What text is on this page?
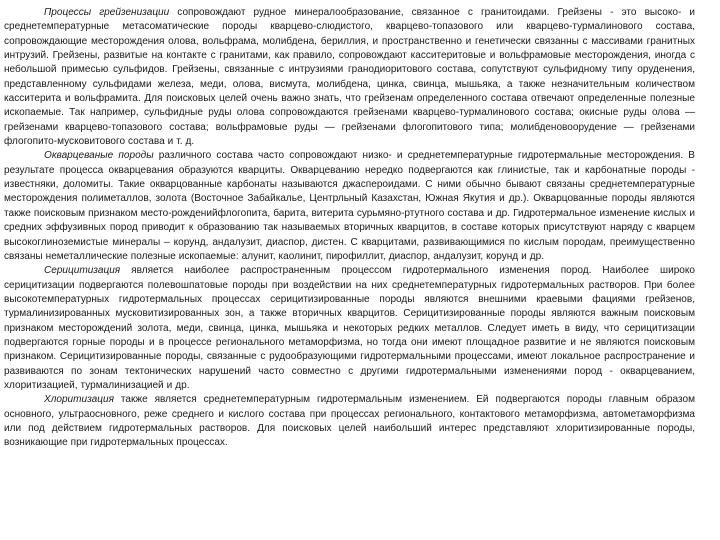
Процессы грейзенизации сопровождают рудное минералообразование, связанное с гранитоидами. Грейзены - это высоко- и среднетемпературные метасоматические породы кварцево-слюдистого, кварцево-топазового или кварцево-турмалинового состава, сопровождающие месторождения олова, вольфрама, молибдена, бериллия, и пространственно и генетически связанны с массивами гранитных интрузий. Грейзены, развитые на контакте с гранитами, как правило, сопровождают касситеритовые и вольфрамовые месторождения, иногда с небольшой примесью сульфидов. Грейзены, связанные с интрузиями гранодиоритового состава, сопутствуют сульфидному типу оруденения, представленному сульфидами железа, меди, олова, висмута, молибдена, цинка, свинца, мышьяка, а также незначительным количеством касситерита и вольфрамита. Для поисковых целей очень важно знать, что грейзенам определенного состава отвечают определенные полезные ископаемые. Так например, сульфидные руды олова сопровождаются грейзенами кварцево-турмалинового состава; окисные руды олова — грейзенами кварцево-топазового состава; вольфрамовые руды — грейзенами флогопитового типа; молибденовоорудение — грейзенами флогопито-мусковитового состава и т. д.

Окварцеваные породы различного состава часто сопровождают низко- и среднетемпературные гидротермальные месторождения. В результате процесса окварцевания образуются кварциты. Окварцеванию нередко подвергаются как глинистые, так и карбонатные породы - известняки, доломиты. Такие окварцованные карбонаты называются джаспероидами. С ними обычно бывают связаны среднетемпературные месторождения полиметаллов, золота (Восточное Забайкалье, Центрльный Казахстан, Южная Якутия и др.). Окварцованные породы являются также поисковым признаком место-рожденийфлогопита, барита, витерита сурьмяно-ртутного состава и др. Гидротермальное изменение кислых и средних эффузивных пород приводит к образованию так называемых вторичных кварцитов, в составе которых присутствуют наряду с кварцем высокоглиноземистые минералы – корунд, андалузит, диаспор, дистен. С кварцитами, развивающимися по кислым породам, преимущественно связаны неметаллические полезные ископаемые: алунит, каолинит, пирофиллит, диаспор, андалузит, корунд и др.

Серицитизация является наиболее распространенным процессом гидротермального изменения пород. Наиболее широко серицитизации подвергаются полевошпатовые породы при воздействии на них среднетемпературных гидротермальных растворов. При более высокотемпературных гидротермальных процессах серицитизированные породы являются внешними краевыми фациями грейзенов, турмалинизированных мусковитизированных зон, а также вторичных кварцитов. Серицитизированные породы являются важным поисковым признаком месторождений золота, меди, свинца, цинка, мышьяка и некоторых редких металлов. Следует иметь в виду, что серицитизации подвергаются горные породы и в процессе регионального метаморфизма, но тогда они имеют площадное развитие и не являются поисковым признаком. Серицитизированные породы, связанные с рудообразующими гидротермальными процессами, имеют локальное распространение и развиваются по зонам тектонических нарушений часто совместно с другими гидротермальными изменениями пород - окварцеванием, хлоритизацией, турмалинизацией и др.

Хлоритизация также является среднетемпературным гидротермальным изменением. Ей подвергаются породы главным образом основного, ультраосновного, реже среднего и кислого состава при процессах регионального, контактового метаморфизма, автометаморфизма или под действием гидротермальных растворов. Для поисковых целей наибольший интерес представляют хлоритизированные породы, возникающие при гидротермальных процессах.
